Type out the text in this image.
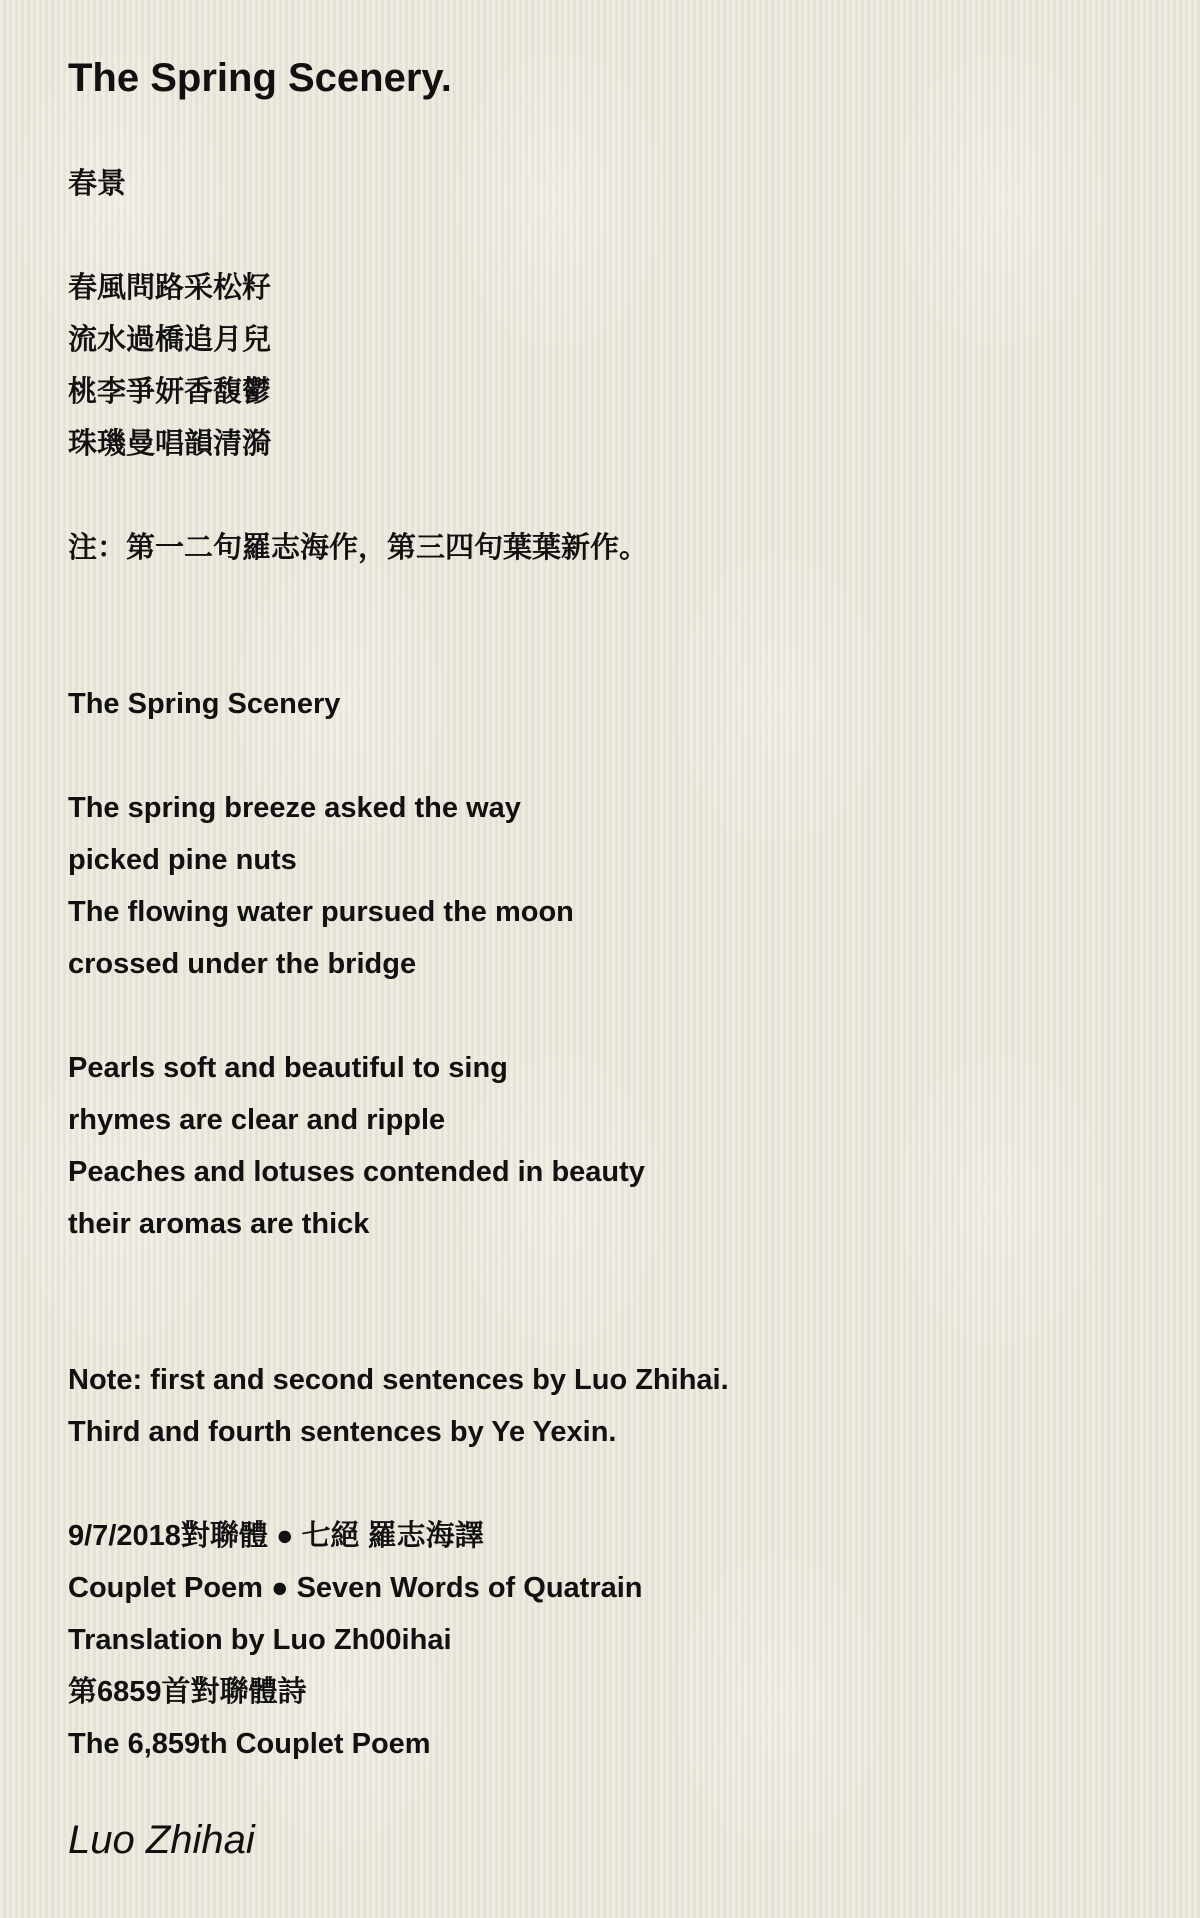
The Spring Scenery.
春景
春風問路采松籽
流水過橋追月兒
桃李爭妍香馥鬱
珠璣曼唱韻清漪
注：第一二句羅志海作，第三四句葉葉新作。
The Spring Scenery
The spring breeze asked the way
picked pine nuts
The flowing water pursued the moon
crossed under the bridge
Pearls soft and beautiful to sing
rhymes are clear and ripple
Peaches and lotuses contended in beauty
their aromas are thick
Note: first and second sentences by Luo Zhihai.
Third and fourth sentences by Ye Yexin.
9/7/2018對聯體 ● 七絕 羅志海譯
Couplet Poem ● Seven Words of Quatrain
Translation by Luo Zh00ihai
第6859首對聯體詩
The 6,859th Couplet Poem
Luo Zhihai
